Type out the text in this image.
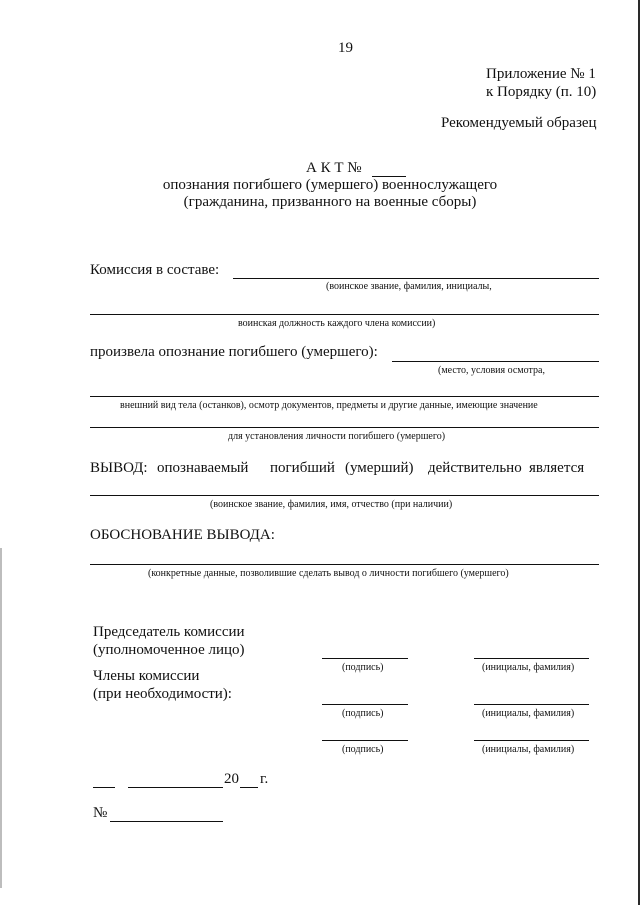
19
Приложение № 1
к Порядку (п. 10)
Рекомендуемый образец
А К Т №
опознания погибшего (умершего) военнослужащего
(гражданина, призванного на военные сборы)
Комиссия в составе:
(воинское звание, фамилия, инициалы,
воинская должность каждого члена комиссии)
произвела опознание погибшего (умершего):
(место, условия осмотра,
внешний вид тела (останков), осмотр документов, предметы и другие данные, имеющие значение
для установления личности погибшего (умершего)
ВЫВОД: опознаваемый погибший (умерший) действительно является
(воинское звание, фамилия, имя, отчество (при наличии)
ОБОСНОВАНИЕ ВЫВОДА:
(конкретные данные, позволившие сделать вывод о личности погибшего (умершего)
Председатель комиссии
(уполномоченное лицо)
(подпись)	(инициалы, фамилия)
Члены комиссии
(при необходимости):
(подпись)	(инициалы, фамилия)
(подпись)	(инициалы, фамилия)
20 г.
№
